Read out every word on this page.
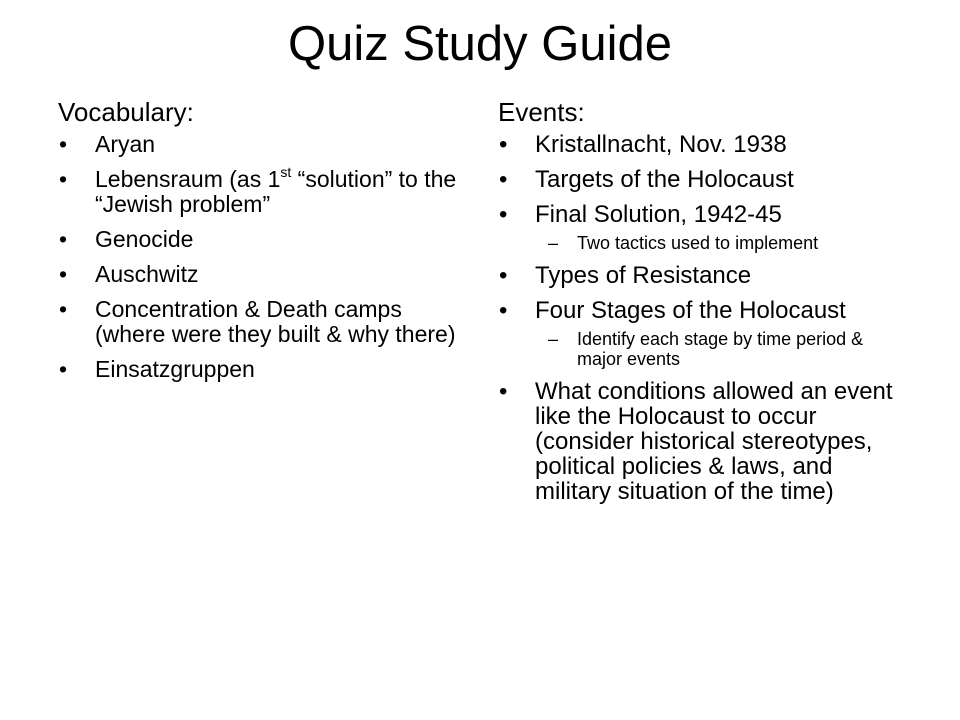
Quiz Study Guide
Vocabulary:
• Aryan
• Lebensraum (as 1st “solution” to the “Jewish problem”
• Genocide
• Auschwitz
• Concentration & Death camps (where were they built & why there)
• Einsatzgruppen
Events:
• Kristallnacht, Nov. 1938
• Targets of the Holocaust
• Final Solution, 1942-45
– Two tactics used to implement
• Types of Resistance
• Four Stages of the Holocaust
– Identify each stage by time period & major events
• What conditions allowed an event like the Holocaust to occur (consider historical stereotypes, political policies & laws, and military situation of the time)
